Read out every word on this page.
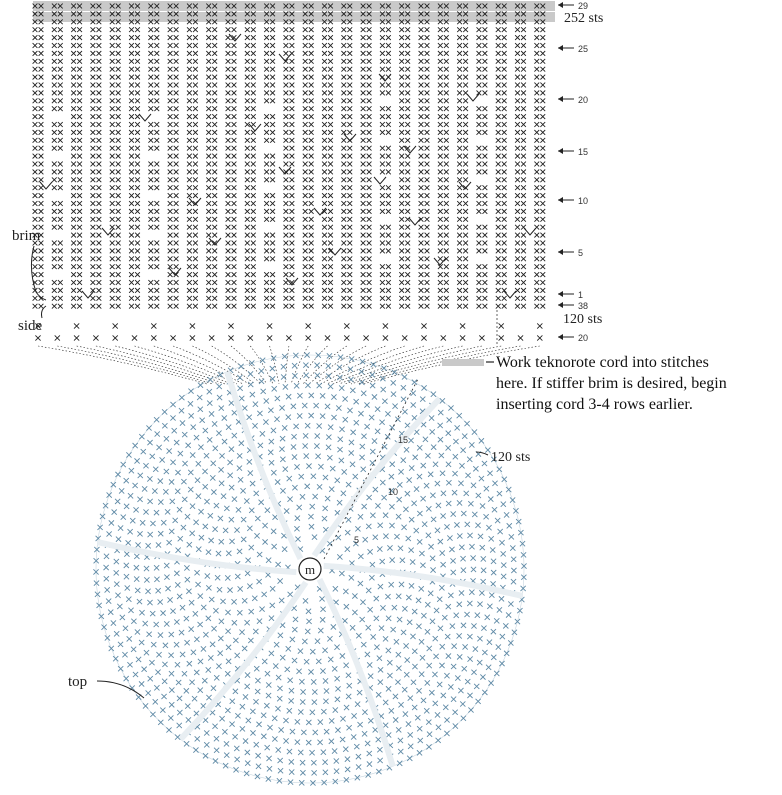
brim
side
29
252 sts
25
20
15
10
5
1
38
120 sts
20
15
10
5
120 sts
top
m
Work teknorote cord into stitches
here. If stiffer brim is desired, begin
inserting cord 3-4 rows earlier.
